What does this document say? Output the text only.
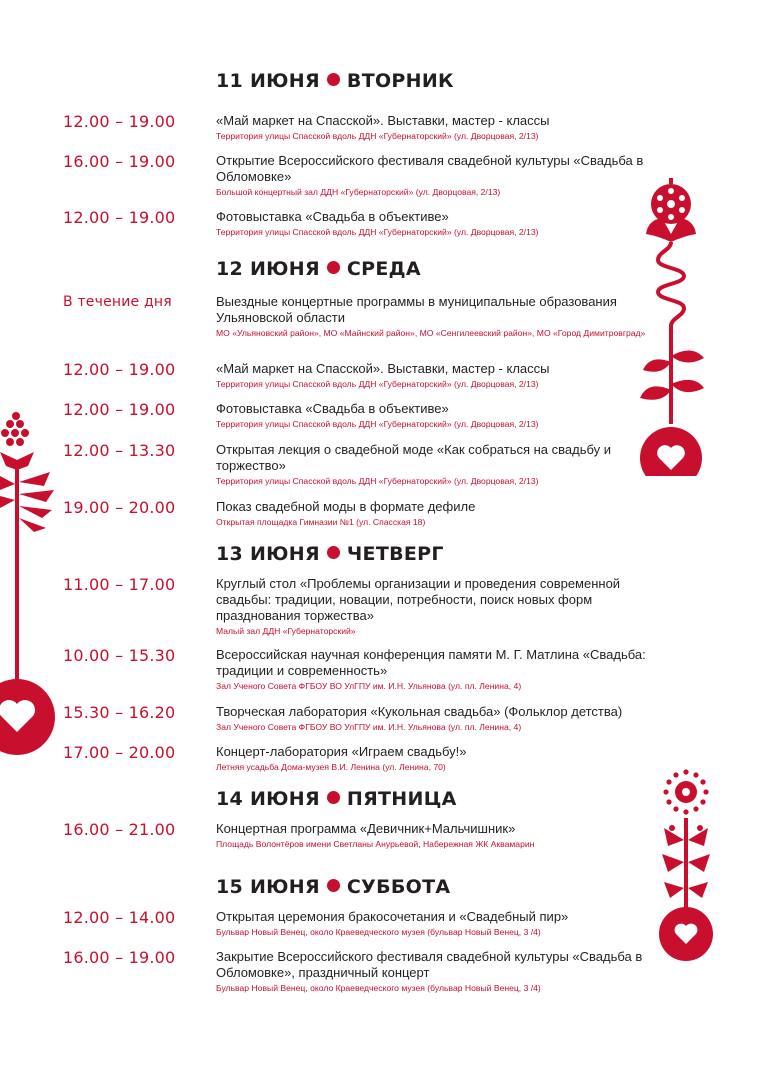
11 ИЮНЯ ВТОРНИК
12.00 – 19.00	«Май маркет на Спасской». Выставки, мастер - классы
Территория улицы Спасской вдоль ДДН «Губернаторский» (ул. Дворцовая, 2/13)
16.00 – 19.00	Открытие Всероссийского фестиваля свадебной культуры «Свадьба в Обломовке»
Большой концертный зал ДДН «Губернаторский» (ул. Дворцовая, 2/13)
12.00 – 19.00	Фотовыставка «Свадьба в объективе»
Территория улицы Спасской вдоль ДДН «Губернаторский» (ул. Дворцовая, 2/13)
12 ИЮНЯ СРЕДА
В течение дня	Выездные концертные программы в муниципальные образования Ульяновской области
МО «Ульяновский район», МО «Майнский район», МО «Сенгилеевский район», МО «Город Димитровград»
12.00 – 19.00	«Май маркет на Спасской». Выставки, мастер - классы
Территория улицы Спасской вдоль ДДН «Губернаторский» (ул. Дворцовая, 2/13)
12.00 – 19.00	Фотовыставка «Свадьба в объективе»
Территория улицы Спасской вдоль ДДН «Губернаторский» (ул. Дворцовая, 2/13)
12.00 – 13.30	Открытая лекция о свадебной моде «Как собраться на свадьбу и торжество»
Территория улицы Спасской вдоль ДДН «Губернаторский» (ул. Дворцовая, 2/13)
19.00 – 20.00	Показ свадебной моды в формате дефиле
Открытая площадка Гимназии №1 (ул. Спасская 18)
13 ИЮНЯ ЧЕТВЕРГ
11.00 – 17.00	Круглый стол «Проблемы организации и проведения современной свадьбы: традиции, новации, потребности, поиск новых форм празднования торжества»
Малый зал ДДН «Губернаторский»
10.00 – 15.30	Всероссийская научная конференция памяти М. Г. Матлина «Свадьба: традиции и современность»
Зал Ученого Совета ФГБОУ ВО УлГПУ им. И.Н. Ульянова (ул. пл. Ленина, 4)
15.30 – 16.20	Творческая лаборатория «Кукольная свадьба» (Фольклор детства)
Зал Ученого Совета ФГБОУ ВО УлГПУ им. И.Н. Ульянова (ул. пл. Ленина, 4)
17.00 – 20.00	Концерт-лаборатория «Играем свадьбу!»
Летняя усадьба Дома-музея В.И. Ленина (ул. Ленина, 70)
14 ИЮНЯ ПЯТНИЦА
16.00 – 21.00	Концертная программа «Девичник+Мальчишник»
Площадь Волонтёров имени Светланы Анурьевой, Набережная ЖК Аквамарин
15 ИЮНЯ СУББОТА
12.00 – 14.00	Открытая церемония бракосочетания и «Свадебный пир»
Бульвар Новый Венец, около Краеведческого музея (бульвар Новый Венец, 3 /4)
16.00 – 19.00	Закрытие Всероссийского фестиваля свадебной культуры «Свадьба в Обломовке», праздничный концерт
Бульвар Новый Венец, около Краеведческого музея (бульвар Новый Венец, 3 /4)
